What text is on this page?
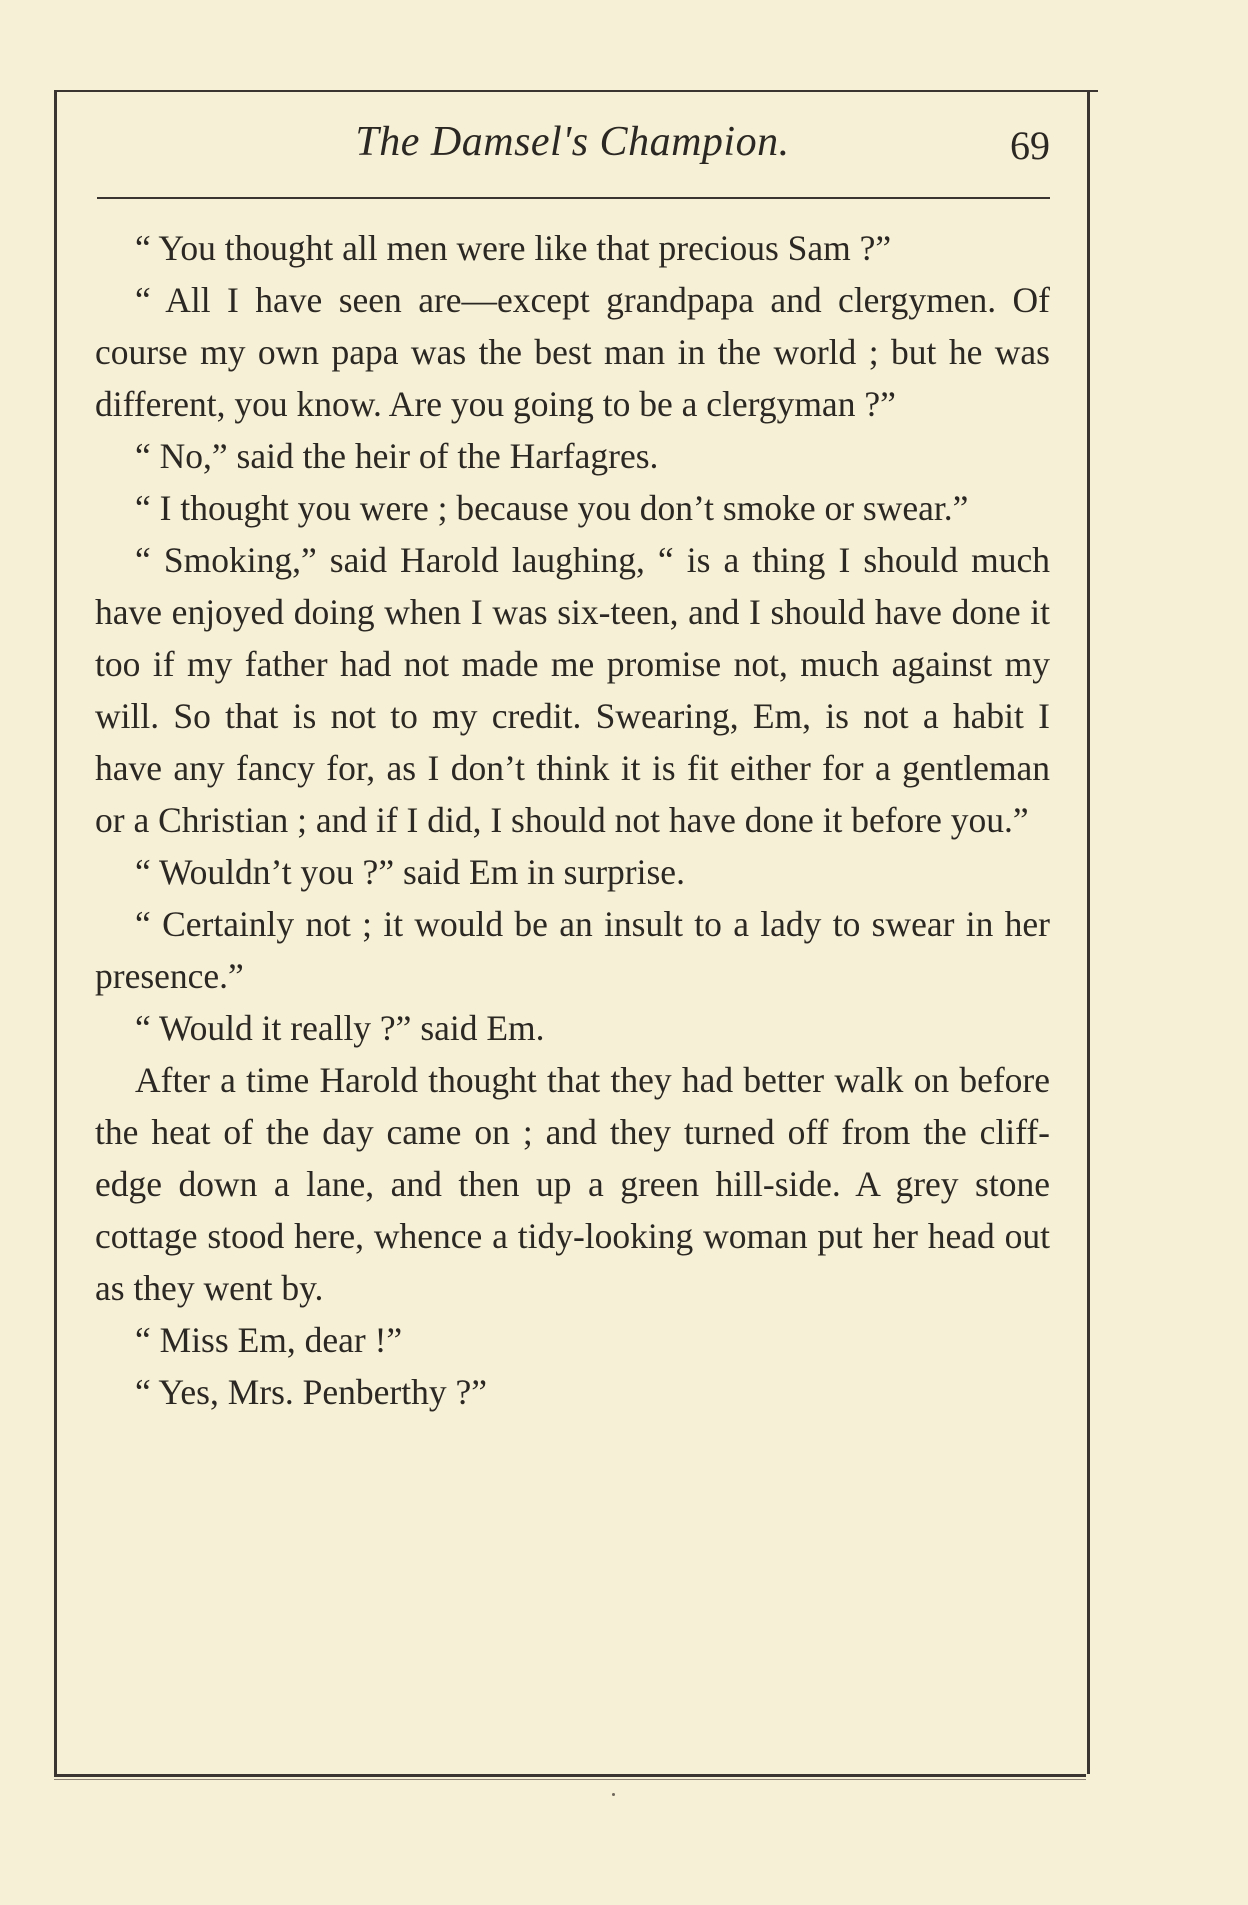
The Damsel's Champion.	69

“ You thought all men were like that precious Sam ?”

“ All I have seen are—except grandpapa and clergymen. Of course my own papa was the best man in the world ; but he was different, you know. Are you going to be a clergyman ?”

“ No,” said the heir of the Harfagres.

“ I thought you were ; because you don’t smoke or swear.”

“ Smoking,” said Harold laughing, “ is a thing I should much have enjoyed doing when I was six-teen, and I should have done it too if my father had not made me promise not, much against my will. So that is not to my credit. Swearing, Em, is not a habit I have any fancy for, as I don’t think it is fit either for a gentleman or a Christian ; and if I did, I should not have done it before you.”

“ Wouldn’t you ?” said Em in surprise.

“ Certainly not ; it would be an insult to a lady to swear in her presence.”

“ Would it really ?” said Em.

After a time Harold thought that they had better walk on before the heat of the day came on ; and they turned off from the cliff-edge down a lane, and then up a green hill-side. A grey stone cottage stood here, whence a tidy-looking woman put her head out as they went by.

“ Miss Em, dear !”

“ Yes, Mrs. Penberthy ?”
